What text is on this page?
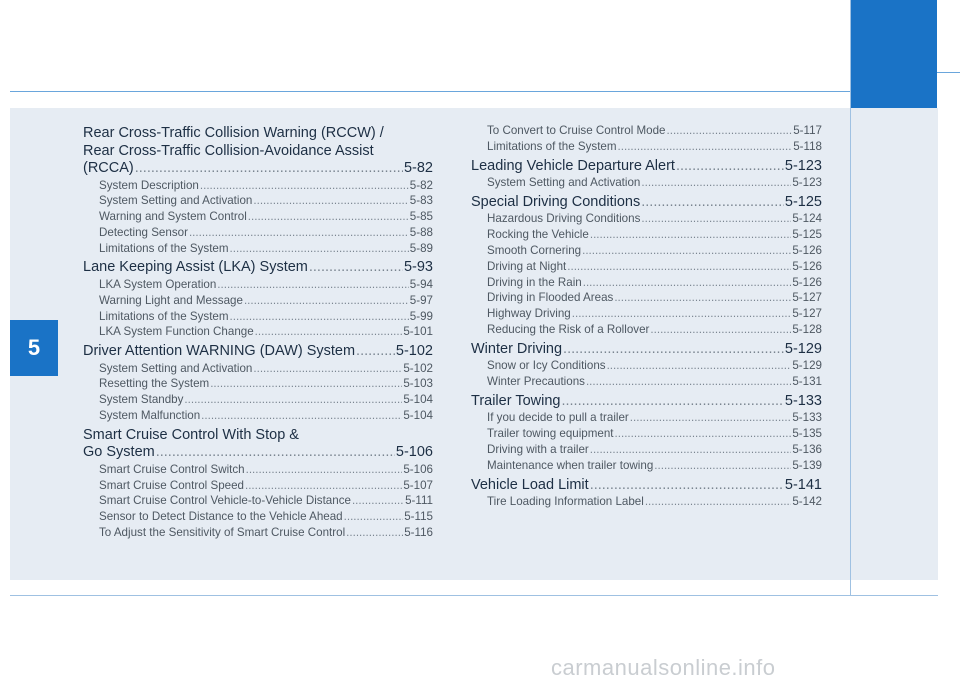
5
Rear Cross-Traffic Collision Warning (RCCW) /
Rear Cross-Traffic Collision-Avoidance Assist
(RCCA) .....	5-82
System Description .....	5-82
System Setting and Activation .....	5-83
Warning and System Control .....	5-85
Detecting Sensor .....	5-88
Limitations of the System .....	5-89
Lane Keeping Assist (LKA) System .....	5-93
LKA System Operation .....	5-94
Warning Light and Message .....	5-97
Limitations of the System .....	5-99
LKA System Function Change .....	5-101
Driver Attention WARNING (DAW) System .....	5-102
System Setting and Activation .....	5-102
Resetting the System .....	5-103
System Standby .....	5-104
System Malfunction .....	5-104
Smart Cruise Control With Stop &
Go System .....	5-106
Smart Cruise Control Switch .....	5-106
Smart Cruise Control Speed .....	5-107
Smart Cruise Control Vehicle-to-Vehicle Distance .....	5-111
Sensor to Detect Distance to the Vehicle Ahead .....	5-115
To Adjust the Sensitivity of Smart Cruise Control .....	5-116
To Convert to Cruise Control Mode .....	5-117
Limitations of the System .....	5-118
Leading Vehicle Departure Alert .....	5-123
System Setting and Activation .....	5-123
Special Driving Conditions .....	5-125
Hazardous Driving Conditions .....	5-124
Rocking the Vehicle .....	5-125
Smooth Cornering .....	5-126
Driving at Night .....	5-126
Driving in the Rain .....	5-126
Driving in Flooded Areas .....	5-127
Highway Driving .....	5-127
Reducing the Risk of a Rollover .....	5-128
Winter Driving .....	5-129
Snow or Icy Conditions .....	5-129
Winter Precautions .....	5-131
Trailer Towing .....	5-133
If you decide to pull a trailer .....	5-133
Trailer towing equipment .....	5-135
Driving with a trailer .....	5-136
Maintenance when trailer towing .....	5-139
Vehicle Load Limit .....	5-141
Tire Loading Information Label .....	5-142
carmanualsonline.info
